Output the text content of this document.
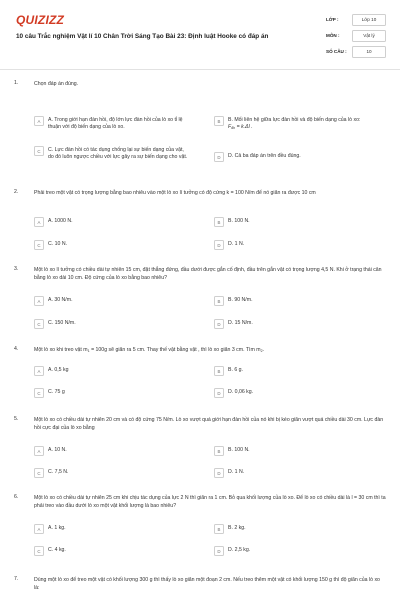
QUIZIZZ
10 câu Trắc nghiệm Vật lí 10 Chân Trời Sáng Tạo Bài 23: Định luật Hooke có đáp án
LỚP :	Lớp 10
MÔN :	Vật lý
SỐ CÂU :	10
1.	Chọn đáp án đúng.
A	A. Trong giới hạn đàn hồi, độ lớn lực đàn hồi của lò xo tỉ lệ thuận với độ biến dạng của lò xo.
B	B. Mối liên hệ giữa lực đàn hồi và độ biến dạng của lò xo: $F_{đh} = k.\Delta l$ .
C	C. Lực đàn hồi có tác dụng chống lại sự biến dạng của vật, do đó luôn ngược chiều với lực gây ra sự biến dạng cho vật.	D	D. Cả ba đáp án trên đều đúng.
2.	Phải treo một vật có trọng lượng bằng bao nhiêu vào một lò xo lí tưởng có độ cứng k = 100 N/m để nó giãn ra được 10 cm
A	A. 1000 N.	B	B. 100 N.
C	C. 10 N.	D	D. 1 N.
3.	Một lò xo lí tưởng có chiều dài tự nhiên 15 cm, đặt thẳng đứng, đầu dưới được gắn cố định, đầu trên gắn vật có trọng lượng 4,5 N. Khi ở trạng thái cân bằng lò xo dài 10 cm. Độ cứng của lò xo bằng bao nhiêu?
A	A. 30 N/m.	B	B. 90 N/m.
C	C. 150 N/m.	D	D. 15 N/m.
4.	Một lò xo khi treo vật $m_1 = 100g$ sẽ giãn ra 5 cm. Thay thế vật bằng vật , thì lò xo giãn 3 cm. Tìm $m_2$.
A	A. 0,5 kg	B	B. 6 g.
C	C. 75 g	D	D. 0,06 kg.
5.	Một lò xo có chiều dài tự nhiên 20 cm và có độ cứng 75 N/m. Lò xo vượt quá giới hạn đàn hồi của nó khi bị kéo giãn vượt quá chiều dài 30 cm. Lực đàn hồi cực đại của lò xo bằng
A	A. 10 N.	B	B. 100 N.
C	C. 7,5 N.	D	D. 1 N.
6.	Một lò xo có chiều dài tự nhiên 25 cm khi chịu tác dụng của lực 2 N thì giãn ra 1 cm. Bỏ qua khối lượng của lò xo. Để lò xo có chiều dài là l = 30 cm thì ta phải treo vào đầu dưới lò xo một vật khối lượng là bao nhiêu?
A	A. 1 kg.	B	B. 2 kg.
C	C. 4 kg.	D	D. 2,5 kg.
7.	Dùng một lò xo để treo một vật có khối lượng 300 g thì thấy lò xo giãn một đoạn 2 cm. Nếu treo thêm một vật có khối lượng 150 g thì độ giãn của lò xo là:
